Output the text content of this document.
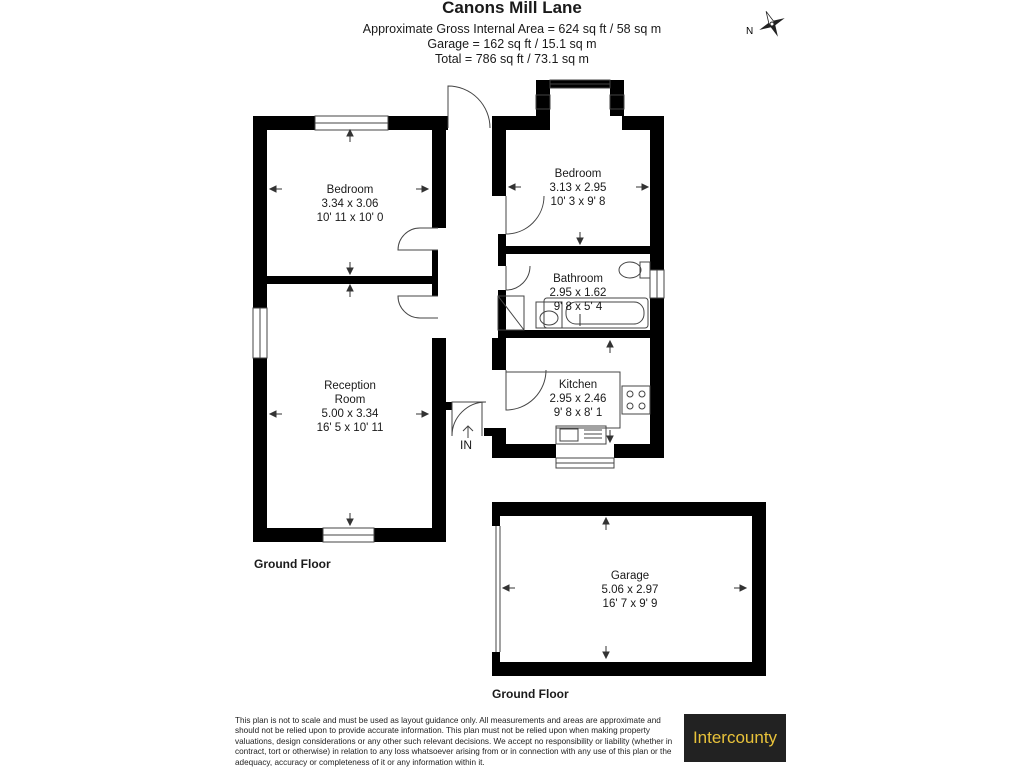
Canons Mill Lane
Approximate Gross Internal Area = 624 sq ft / 58 sq m
Garage = 162 sq ft / 15.1 sq m
Total = 786 sq ft / 73.1 sq m
N
Bedroom
3.34 x 3.06
10' 11 x 10' 0
Bedroom
3.13 x 2.95
10' 3 x 9' 8
Bathroom
2.95 x 1.62
9' 8 x 5' 4
Kitchen
2.95 x 2.46
9' 8 x 8' 1
Reception
Room
5.00 x 3.34
16' 5 x 10' 11
Garage
5.06 x 2.97
16' 7 x 9' 9
IN
Ground Floor
Ground Floor
This plan is not to scale and must be used as layout guidance only. All measurements and areas are approximate and should not be relied upon to provide accurate information. This plan must not be relied upon when making property valuations, design considerations or any other such relevant decisions. We accept no responsibility or liability (whether in contract, tort or otherwise) in relation to any loss whatsoever arising from or in connection with any use of this plan or the adequacy, accuracy or completeness of it or any information within it.
Intercounty
